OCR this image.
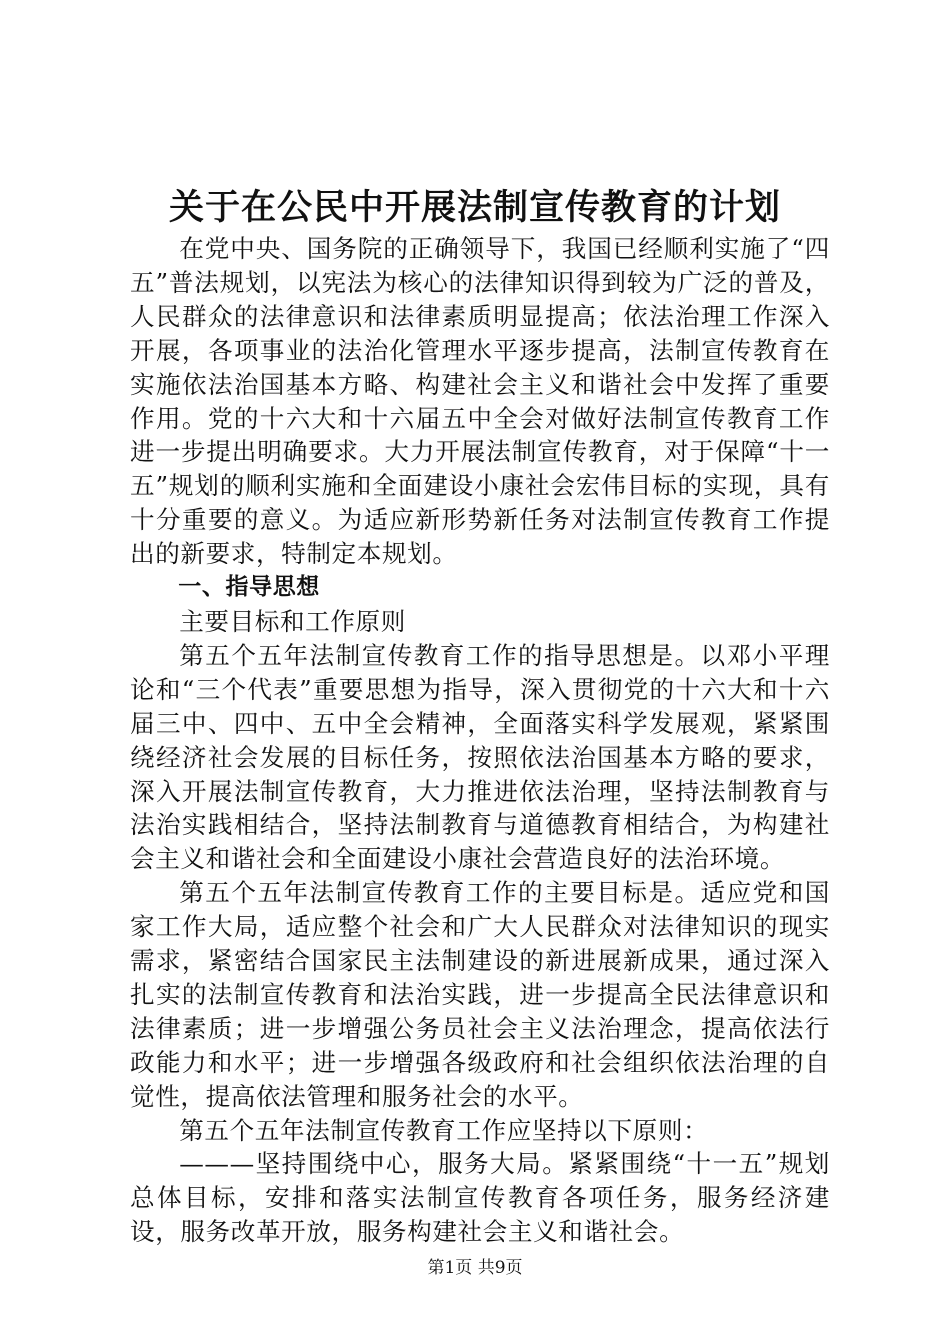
关于在公民中开展法制宣传教育的计划

在党中央、国务院的正确领导下，我国已经顺利实施了“四五”普法规划，以宪法为核心的法律知识得到较为广泛的普及，人民群众的法律意识和法律素质明显提高；依法治理工作深入开展，各项事业的法治化管理水平逐步提高，法制宣传教育在实施依法治国基本方略、构建社会主义和谐社会中发挥了重要作用。党的十六大和十六届五中全会对做好法制宣传教育工作进一步提出明确要求。大力开展法制宣传教育，对于保障“十一五”规划的顺利实施和全面建设小康社会宏伟目标的实现，具有十分重要的意义。为适应新形势新任务对法制宣传教育工作提出的新要求，特制定本规划。

一、指导思想

主要目标和工作原则

第五个五年法制宣传教育工作的指导思想是。以邓小平理论和“三个代表”重要思想为指导，深入贯彻党的十六大和十六届三中、四中、五中全会精神，全面落实科学发展观，紧紧围绕经济社会发展的目标任务，按照依法治国基本方略的要求，深入开展法制宣传教育，大力推进依法治理，坚持法制教育与法治实践相结合，坚持法制教育与道德教育相结合，为构建社会主义和谐社会和全面建设小康社会营造良好的法治环境。

第五个五年法制宣传教育工作的主要目标是。适应党和国家工作大局，适应整个社会和广大人民群众对法律知识的现实需求，紧密结合国家民主法制建设的新进展新成果，通过深入扎实的法制宣传教育和法治实践，进一步提高全民法律意识和法律素质；进一步增强公务员社会主义法治理念，提高依法行政能力和水平；进一步增强各级政府和社会组织依法治理的自觉性，提高依法管理和服务社会的水平。

第五个五年法制宣传教育工作应坚持以下原则：

———坚持围绕中心，服务大局。紧紧围绕“十一五”规划总体目标，安排和落实法制宣传教育各项任务，服务经济建设，服务改革开放，服务构建社会主义和谐社会。

第1页 共9页
